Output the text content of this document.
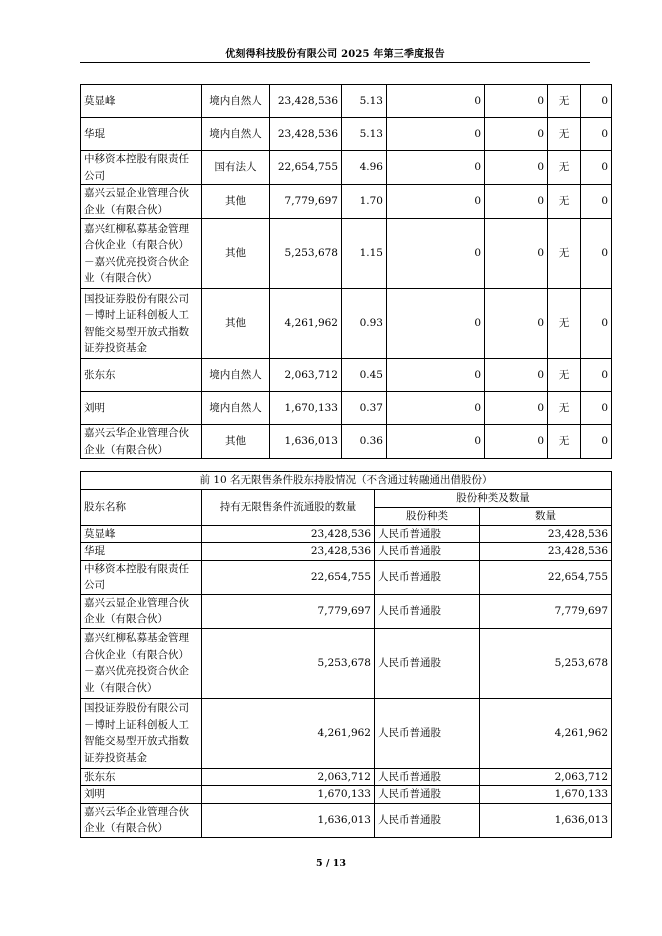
优刻得科技股份有限公司 2025 年第三季度报告
莫显峰	境内自然人	23,428,536	5.13	0	0	无	0
华琨	境内自然人	23,428,536	5.13	0	0	无	0
中移资本控股有限责任公司	国有法人	22,654,755	4.96	0	0	无	0
嘉兴云显企业管理合伙企业（有限合伙）	其他	7,779,697	1.70	0	0	无	0
嘉兴红柳私募基金管理合伙企业（有限合伙）－嘉兴优亮投资合伙企业（有限合伙）	其他	5,253,678	1.15	0	0	无	0
国投证券股份有限公司－博时上证科创板人工智能交易型开放式指数证券投资基金	其他	4,261,962	0.93	0	0	无	0
张东东	境内自然人	2,063,712	0.45	0	0	无	0
刘明	境内自然人	1,670,133	0.37	0	0	无	0
嘉兴云华企业管理合伙企业（有限合伙）	其他	1,636,013	0.36	0	0	无	0
前 10 名无限售条件股东持股情况（不含通过转融通出借股份）			
股东名称	持有无限售条件流通股的数量	股份种类及数量	
		股份种类	数量
莫显峰	23,428,536	人民币普通股	23,428,536
华琨	23,428,536	人民币普通股	23,428,536
中移资本控股有限责任公司	22,654,755	人民币普通股	22,654,755
嘉兴云显企业管理合伙企业（有限合伙）	7,779,697	人民币普通股	7,779,697
嘉兴红柳私募基金管理合伙企业（有限合伙）－嘉兴优亮投资合伙企业（有限合伙）	5,253,678	人民币普通股	5,253,678
国投证券股份有限公司－博时上证科创板人工智能交易型开放式指数证券投资基金	4,261,962	人民币普通股	4,261,962
张东东	2,063,712	人民币普通股	2,063,712
刘明	1,670,133	人民币普通股	1,670,133
嘉兴云华企业管理合伙企业（有限合伙）	1,636,013	人民币普通股	1,636,013
5 / 13
